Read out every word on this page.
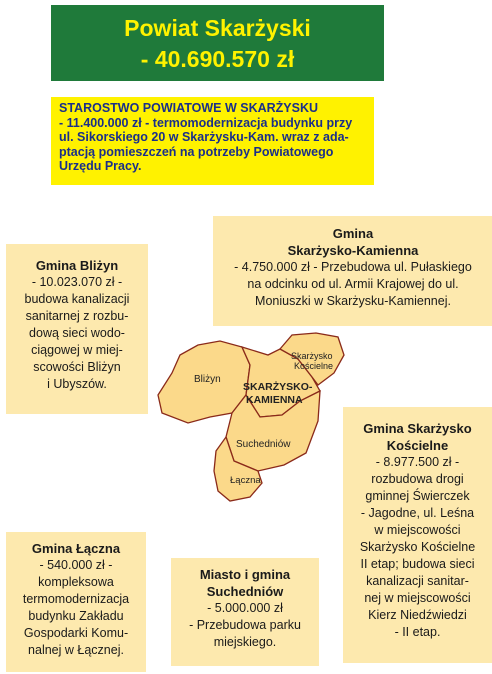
Powiat Skarżyski
- 40.690.570 zł
STAROSTWO POWIATOWE W SKARŻYSKU
- 11.400.000 zł - termomodernizacja budynku przy
ul. Sikorskiego 20 w Skarżysku-Kam. wraz z ada-
ptacją pomieszczeń na potrzeby Powiatowego
Urzędu Pracy.
Gmina Bliżyn
- 10.023.070 zł -
budowa kanalizacji
sanitarnej z rozbu-
dową sieci wodo-
ciągowej w miej-
scowości Bliżyn
i Ubyszów.
Gmina
Skarżysko-Kamienna
- 4.750.000 zł - Przebudowa ul. Pułaskiego
na odcinku od ul. Armii Krajowej do ul.
Moniuszki w Skarżysku-Kamiennej.
Gmina Skarżysko
Kościelne
- 8.977.500 zł -
rozbudowa drogi
gminnej Świerczek
- Jagodne, ul. Leśna
w miejscowości
Skarżysko Kościelne
II etap; budowa sieci
kanalizacji sanitar-
nej w miejscowości
Kierz Niedźwiedzi
- II etap.
Gmina Łączna
- 540.000 zł -
kompleksowa
termomodernizacja
budynku Zakładu
Gospodarki Komu-
nalnej w Łącznej.
Miasto i gmina
Suchedniów
- 5.000.000 zł
- Przebudowa parku
miejskiego.
Bliżyn
Skarżysko
Kościelne
SKARŻYSKO-
KAMIENNA
Suchedniów
Łączna
